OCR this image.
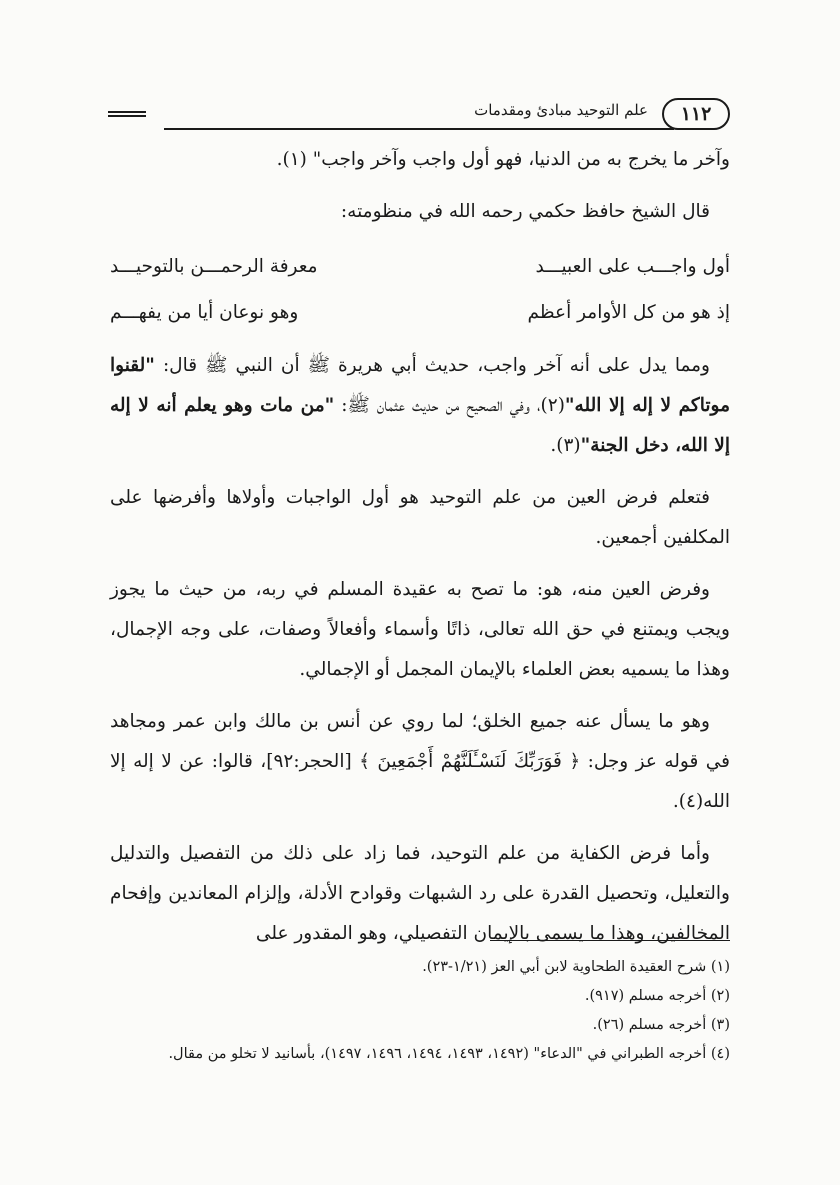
١١٢
علم التوحيد مبادئ ومقدمات

وآخر ما يخرج به من الدنيا، فهو أول واجب وآخر واجب" (١).

قال الشيخ حافظ حكمي رحمه الله في منظومته:

أول واجـــب على العبيـــد
معرفة الرحمـــن بالتوحيـــد
إذ هو من كل الأوامر أعظم
وهو نوعان أيا من يفهـــم

ومما يدل على أنه آخر واجب، حديث أبي هريرة ﷺ أن النبي ﷺ قال: "لقنوا موتاكم لا إله إلا الله"(٢)، وفي الصحيح من حديث عثمان ﷺ: "من مات وهو يعلم أنه لا إله إلا الله، دخل الجنة"(٣).

فتعلم فرض العين من علم التوحيد هو أول الواجبات وأولاها وأفرضها على المكلفين أجمعين.

وفرض العين منه، هو: ما تصح به عقيدة المسلم في ربه، من حيث ما يجوز ويجب ويمتنع في حق الله تعالى، ذاتًا وأسماء وأفعالاً وصفات، على وجه الإجمال، وهذا ما يسميه بعض العلماء بالإيمان المجمل أو الإجمالي.

وهو ما يسأل عنه جميع الخلق؛ لما روي عن أنس بن مالك وابن عمر ومجاهد في قوله عز وجل: ﴿ فَوَرَبِّكَ لَنَسْـَٔلَنَّهُمْ أَجْمَعِينَ ﴾ [الحجر:٩٢]، قالوا: عن لا إله إلا الله(٤).

وأما فرض الكفاية من علم التوحيد، فما زاد على ذلك من التفصيل والتدليل والتعليل، وتحصيل القدرة على رد الشبهات وقوادح الأدلة، وإلزام المعاندين وإفحام المخالفين، وهذا ما يسمى بالإيمان التفصيلي، وهو المقدور على

(١) شرح العقيدة الطحاوية لابن أبي العز (١/٢١-٢٣).
(٢) أخرجه مسلم (٩١٧).
(٣) أخرجه مسلم (٢٦).
(٤) أخرجه الطبراني في "الدعاء" (١٤٩٢، ١٤٩٣، ١٤٩٤، ١٤٩٦، ١٤٩٧)، بأسانيد لا تخلو من مقال.
